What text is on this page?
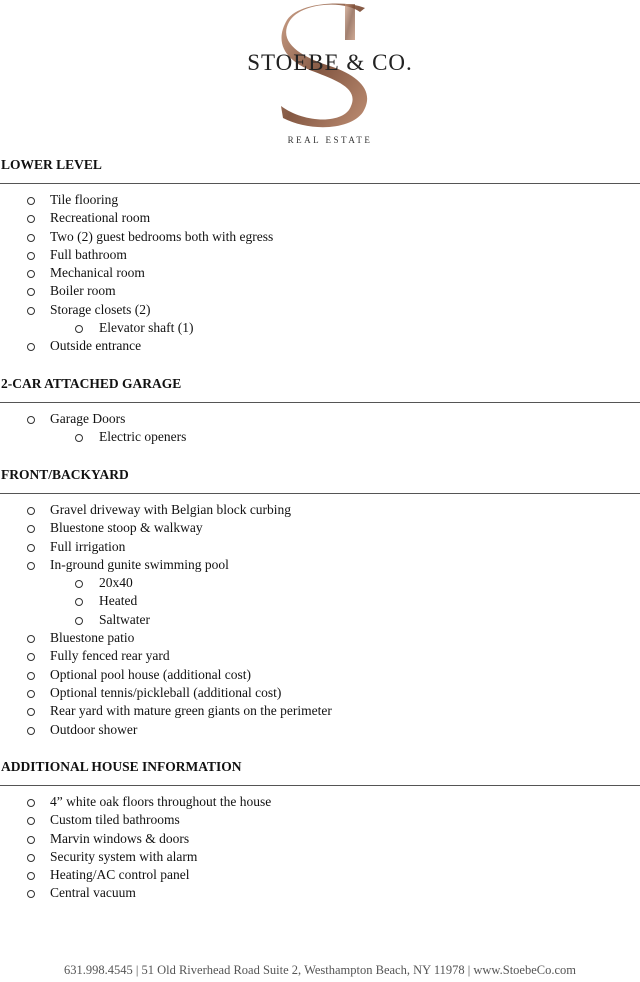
STOEBE & CO.
REAL ESTATE
LOWER LEVEL
Tile flooring
Recreational room
Two (2) guest bedrooms both with egress
Full bathroom
Mechanical room
Boiler room
Storage closets (2)
Elevator shaft (1)
Outside entrance
2-CAR ATTACHED GARAGE
Garage Doors
Electric openers
FRONT/BACKYARD
Gravel driveway with Belgian block curbing
Bluestone stoop & walkway
Full irrigation
In-ground gunite swimming pool
20x40
Heated
Saltwater
Bluestone patio
Fully fenced rear yard
Optional pool house (additional cost)
Optional tennis/pickleball (additional cost)
Rear yard with mature green giants on the perimeter
Outdoor shower
ADDITIONAL HOUSE INFORMATION
4” white oak floors throughout the house
Custom tiled bathrooms
Marvin windows & doors
Security system with alarm
Heating/AC control panel
Central vacuum
631.998.4545 | 51 Old Riverhead Road Suite 2, Westhampton Beach, NY 11978 | www.StoebeCo.com
